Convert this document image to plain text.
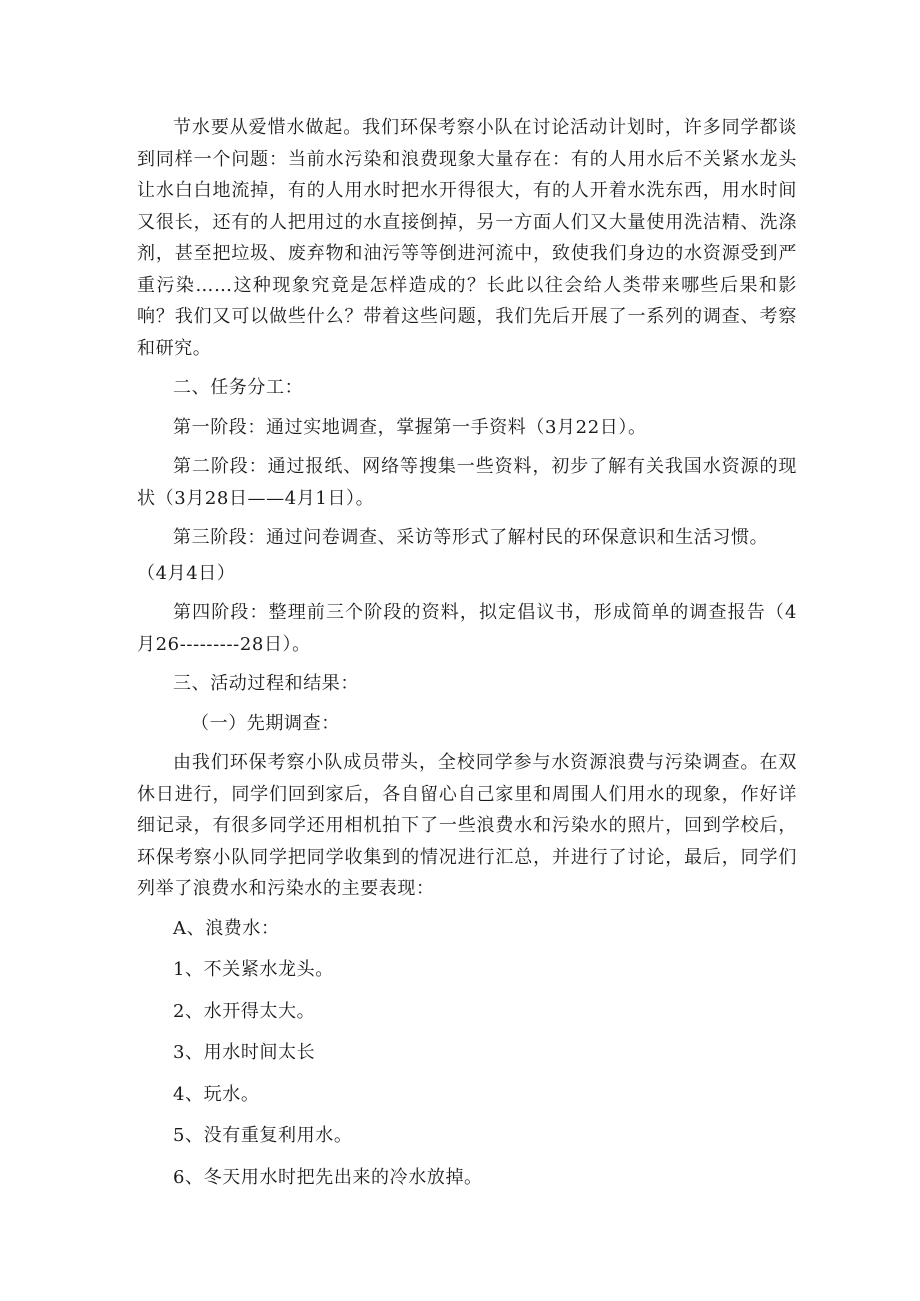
节水要从爱惜水做起。我们环保考察小队在讨论活动计划时，许多同学都谈到同样一个问题：当前水污染和浪费现象大量存在：有的人用水后不关紧水龙头让水白白地流掉，有的人用水时把水开得很大，有的人开着水洗东西，用水时间又很长，还有的人把用过的水直接倒掉，另一方面人们又大量使用洗洁精、洗涤剂，甚至把垃圾、废弃物和油污等等倒进河流中，致使我们身边的水资源受到严重污染……这种现象究竟是怎样造成的？长此以往会给人类带来哪些后果和影响？我们又可以做些什么？带着这些问题，我们先后开展了一系列的调查、考察和研究。

二、任务分工：

第一阶段：通过实地调查，掌握第一手资料（3月22日）。

第二阶段：通过报纸、网络等搜集一些资料，初步了解有关我国水资源的现状（3月28日——4月1日）。

第三阶段：通过问卷调查、采访等形式了解村民的环保意识和生活习惯。

（4月4日）

第四阶段：整理前三个阶段的资料，拟定倡议书，形成简单的调查报告（4月26---------28日）。

三、活动过程和结果：

（一）先期调查：

由我们环保考察小队成员带头，全校同学参与水资源浪费与污染调查。在双休日进行，同学们回到家后，各自留心自己家里和周围人们用水的现象，作好详细记录，有很多同学还用相机拍下了一些浪费水和污染水的照片，回到学校后，环保考察小队同学把同学收集到的情况进行汇总，并进行了讨论，最后，同学们列举了浪费水和污染水的主要表现：

A、浪费水：

1、不关紧水龙头。

2、水开得太大。

3、用水时间太长

4、玩水。

5、没有重复利用水。

6、冬天用水时把先出来的冷水放掉。
